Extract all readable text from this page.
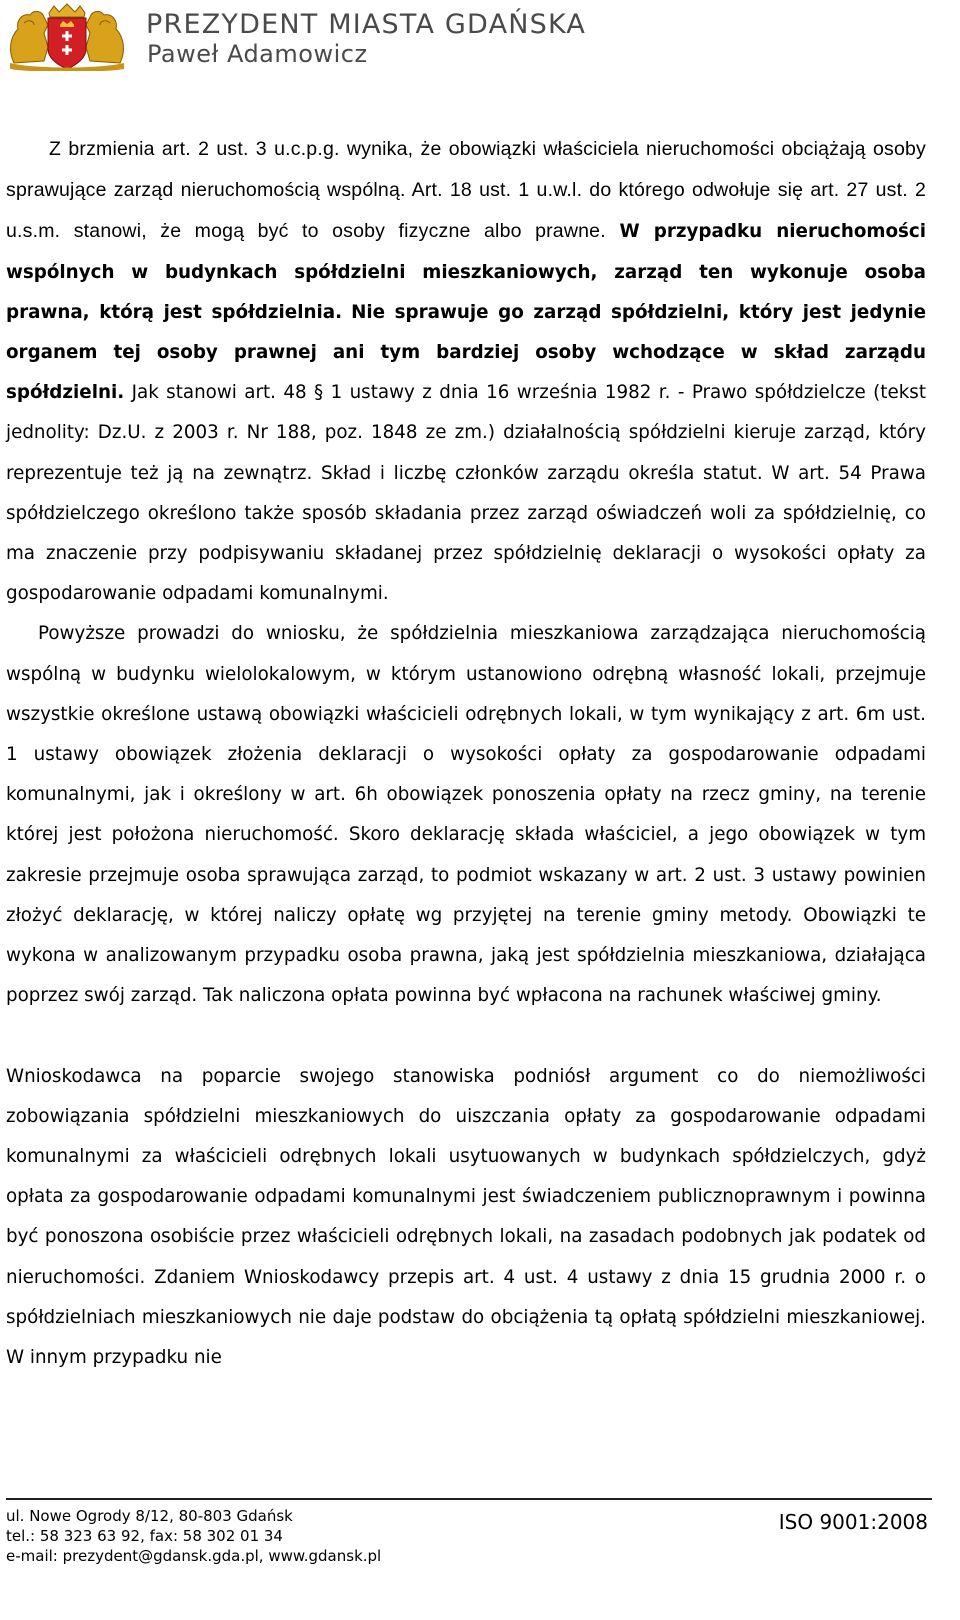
PREZYDENT MIASTA GDAŃSKA
Paweł Adamowicz

Z brzmienia art. 2 ust. 3 u.c.p.g. wynika, że obowiązki właściciela nieruchomości obciążają osoby sprawujące zarząd nieruchomością wspólną. Art. 18 ust. 1 u.w.l. do którego odwołuje się art. 27 ust. 2 u.s.m. stanowi, że mogą być to osoby fizyczne albo prawne. W przypadku nieruchomości wspólnych w budynkach spółdzielni mieszkaniowych, zarząd ten wykonuje osoba prawna, którą jest spółdzielnia. Nie sprawuje go zarząd spółdzielni, który jest jedynie organem tej osoby prawnej ani tym bardziej osoby wchodzące w skład zarządu spółdzielni. Jak stanowi art. 48 § 1 ustawy z dnia 16 września 1982 r. - Prawo spółdzielcze (tekst jednolity: Dz.U. z 2003 r. Nr 188, poz. 1848 ze zm.) działalnością spółdzielni kieruje zarząd, który reprezentuje też ją na zewnątrz. Skład i liczbę członków zarządu określa statut. W art. 54 Prawa spółdzielczego określono także sposób składania przez zarząd oświadczeń woli za spółdzielnię, co ma znaczenie przy podpisywaniu składanej przez spółdzielnię deklaracji o wysokości opłaty za gospodarowanie odpadami komunalnymi.

Powyższe prowadzi do wniosku, że spółdzielnia mieszkaniowa zarządzająca nieruchomością wspólną w budynku wielolokalowym, w którym ustanowiono odrębną własność lokali, przejmuje wszystkie określone ustawą obowiązki właścicieli odrębnych lokali, w tym wynikający z art. 6m ust. 1 ustawy obowiązek złożenia deklaracji o wysokości opłaty za gospodarowanie odpadami komunalnymi, jak i określony w art. 6h obowiązek ponoszenia opłaty na rzecz gminy, na terenie której jest położona nieruchomość. Skoro deklarację składa właściciel, a jego obowiązek w tym zakresie przejmuje osoba sprawująca zarząd, to podmiot wskazany w art. 2 ust. 3 ustawy powinien złożyć deklarację, w której naliczy opłatę wg przyjętej na terenie gminy metody. Obowiązki te wykona w analizowanym przypadku osoba prawna, jaką jest spółdzielnia mieszkaniowa, działająca poprzez swój zarząd. Tak naliczona opłata powinna być wpłacona na rachunek właściwej gminy.

Wnioskodawca na poparcie swojego stanowiska podniósł argument co do niemożliwości zobowiązania spółdzielni mieszkaniowych do uiszczania opłaty za gospodarowanie odpadami komunalnymi za właścicieli odrębnych lokali usytuowanych w budynkach spółdzielczych, gdyż opłata za gospodarowanie odpadami komunalnymi jest świadczeniem publicznoprawnym i powinna być ponoszona osobiście przez właścicieli odrębnych lokali, na zasadach podobnych jak podatek od nieruchomości. Zdaniem Wnioskodawcy przepis art. 4 ust. 4 ustawy z dnia 15 grudnia 2000 r. o spółdzielniach mieszkaniowych nie daje podstaw do obciążenia tą opłatą spółdzielni mieszkaniowej. W innym przypadku nie

ul. Nowe Ogrody 8/12, 80-803 Gdańsk
tel.: 58 323 63 92, fax: 58 302 01 34
e-mail: prezydent@gdansk.gda.pl, www.gdansk.pl
ISO 9001:2008
